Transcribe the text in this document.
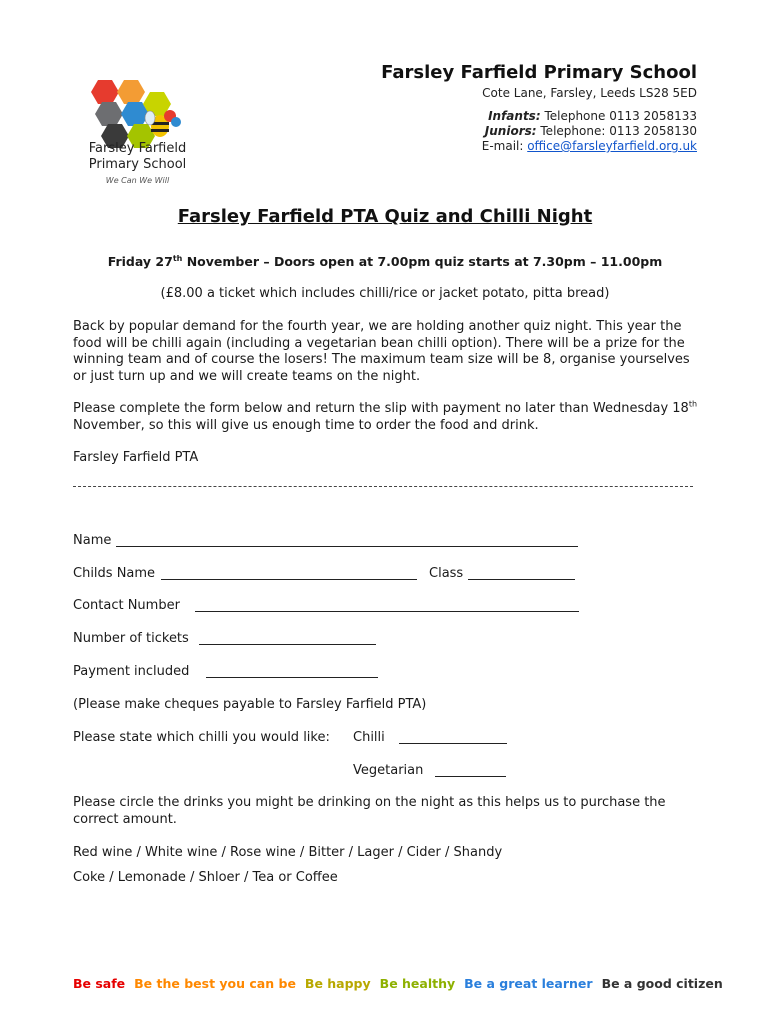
Farsley Farfield
Primary School
We Can We Will
Farsley Farfield Primary School
Cote Lane, Farsley, Leeds LS28 5ED
Infants: Telephone 0113 2058133
Juniors: Telephone: 0113 2058130
E-mail: office@farsleyfarfield.org.uk
Farsley Farfield PTA Quiz and Chilli Night
Friday 27th November – Doors open at 7.00pm quiz starts at 7.30pm – 11.00pm
(£8.00 a ticket which includes chilli/rice or jacket potato, pitta bread)
Back by popular demand for the fourth year, we are holding another quiz night. This year the food will be chilli again (including a vegetarian bean chilli option). There will be a prize for the winning team and of course the losers! The maximum team size will be 8, organise yourselves or just turn up and we will create teams on the night.
Please complete the form below and return the slip with payment no later than Wednesday 18th November, so this will give us enough time to order the food and drink.
Farsley Farfield PTA
Name
Childs Name	Class
Contact Number
Number of tickets
Payment included
(Please make cheques payable to Farsley Farfield PTA)
Please state which chilli you would like: Chilli
Vegetarian
Please circle the drinks you might be drinking on the night as this helps us to purchase the correct amount.
Red wine / White wine / Rose wine / Bitter / Lager / Cider / Shandy
Coke / Lemonade / Shloer / Tea or Coffee
Be safe Be the best you can be Be happy Be healthy Be a great learner Be a good citizen
